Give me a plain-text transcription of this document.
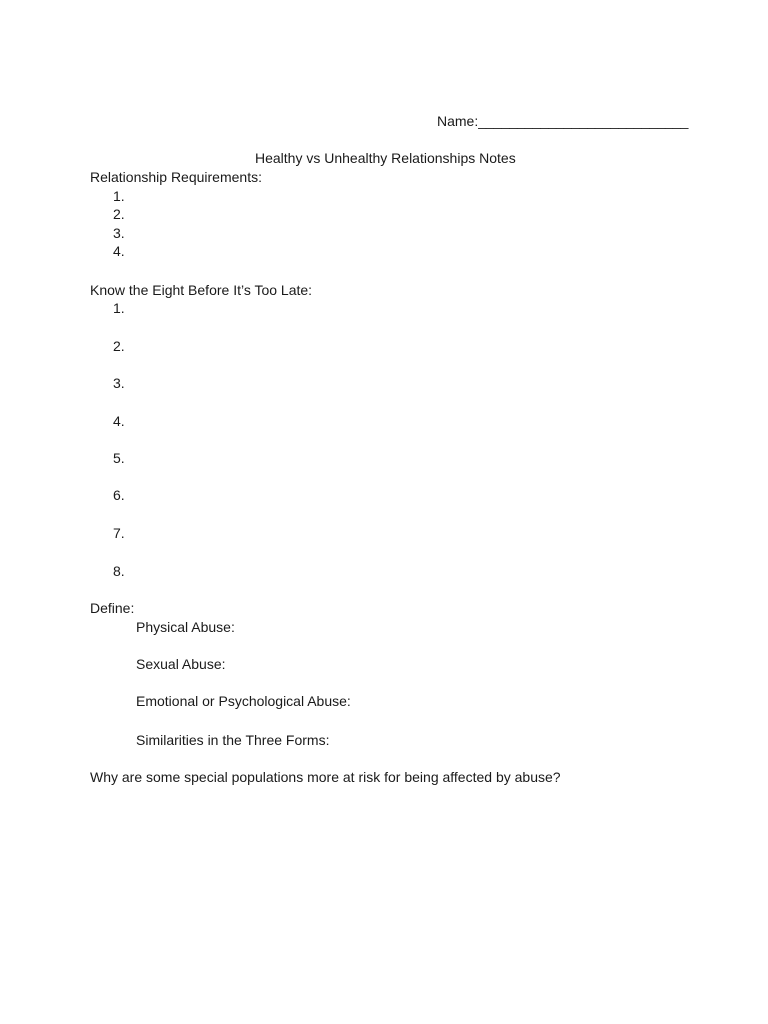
Name:___________________________
Healthy vs Unhealthy Relationships Notes
Relationship Requirements:
1.
2.
3.
4.
Know the Eight Before It’s Too Late:
1.
2.
3.
4.
5.
6.
7.
8.
Define:
Physical Abuse:
Sexual Abuse:
Emotional or Psychological Abuse:
Similarities in the Three Forms:
Why are some special populations more at risk for being affected by abuse?
